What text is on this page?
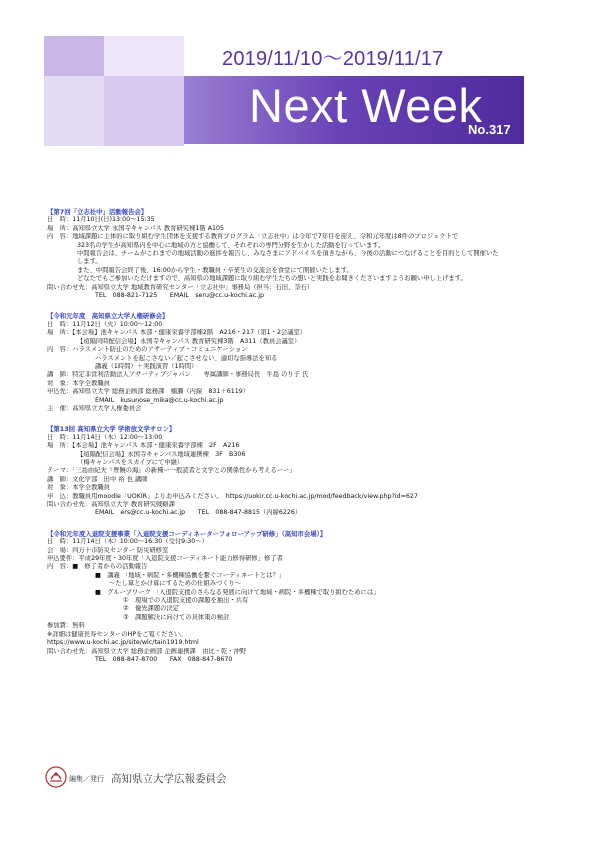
2019/11/10～2019/11/17
Next Week
No.317
【第7回「立志社中」活動報告会】
日　時：11月10日(日)13:00～15:35
場　所：高知県立大学 永国寺キャンパス 教育研究棟1階 A105
内　容：地域課題に主体的に取り組む学生団体を支援する教育プログラム「立志社中」は今年で7年目を迎え、令和元年度は8件のプロジェクトで
323名の学生が高知県内を中心に地域の方と協働して、それぞれの専門分野を生かした活動を行っています。
中間報告会は、チームがこれまでの地域活動の進捗を報告し、みなさまにアドバイスを頂きながら、今後の活動につなげることを目的として開催いた
します。
また、中間報告会終了後、16:00から学生・教職員・卒業生の交流会を食堂にて開催いたします。
どなたでもご参加いただけますので、高知県の地域課題に取り組む学生たちの想いと実践をお聞きくださいますようお願い申し上げます。
問い合わせ先：高知県立大学 地域教育研究センター「立志社中」事務局（担当：石田、奈石）
TEL　088-821-7125　　EMAIL　seru@cc.u-kochi.ac.jp
【令和元年度　高知県立大学人権研修会】
日　時：11月12日（火）10:00～12:00
場　所：【本会場】池キャンパス 本部・健康栄養学部棟2階　A216・217（第1・2会議室）
【遠隔同時配信会場】永国寺キャンパス 教育研究棟3階　A311（教員会議室）
内　容：ハラスメント防止のためのアサーティブ・コミュニケーション
ハラスメントを起こさない／起こさせない、適切な指導法を知る
講義（1時間）＋実践演習（1時間）
講　師：特定非営利活動法人アサーティブジャパン　　専属講師・事務局長　牛島 のり子 氏
対　象：本学全教職員
申込先：高知県立大学 総務企画部 総務課　楠瀬（内線　831＋6119）
EMAIL　kusunose_mika@cc.u-kochi.ac.jp
主　催：高知県立大学人権委員会
【第13回 高知県立大学 学術放文学サロン】
日　時：11月14日（木）12:00～13:00
場　所：【本会場】池キャンパス 本部・健康栄養学部棟　2F　A216
【遠隔配信会場】永国寺キャンパス地域連携棟　3F　B306
（梅キャンパスをスカイプにて中継）
テーマ：「三島由紀夫『豊饒の海』の新種ー一般読者と文学との関係性から考えるーー」
講　師：文化学部　田中 裕 也 講師
対　象：本学全教職員
申　込：教職員用moodle「UOKIR」よりお申込みください。　https://uokir.cc.u-kochi.ac.jp/mod/feedback/view.php?id=627
問い合わせ先：高知県立大学 教育研究戦略課
EMAIL　ers@cc.u-kochi.ac.jp　　TEL　088-847-8815（内線6226）
【令和元年度入退院支援事業「入退院支援コーディネーターフォローアップ研修」（高知市会場）】
日　時：11月14日（木）10:00～16:30（受付9:30～）
会　場：四万十市防災センター 防災研修室
申込要件：平成29年度・30年度「入退院支援コーディネート能力修得研修」修了者
内　容：■　修了者からの活動報告
■　講義 「地域・病院・多機種協働を繋ぐコーディネートとは？」
～たし算とかけ算にするための仕組みづくり～
■　グループワーク 「入退院支援のさらなる発展に向けて地域・病院・多機種で取り組むためには」
①　現場での入退院支援の課題を抽出・共有
②　優先課題の決定
③　課題解決に向けての具体策の検討
参加費：無料
※詳細は健康長寿センターのHPをご覧ください。
https://www.u-kochi.ac.jp/site/wlc/tain1919.html
問い合わせ先：高知県立大学 総務企画部 企画連携課　由比・乾・沖野
TEL　088-847-8700　　FAX　088-847-8670
編集／発行 高知県立大学広報委員会
